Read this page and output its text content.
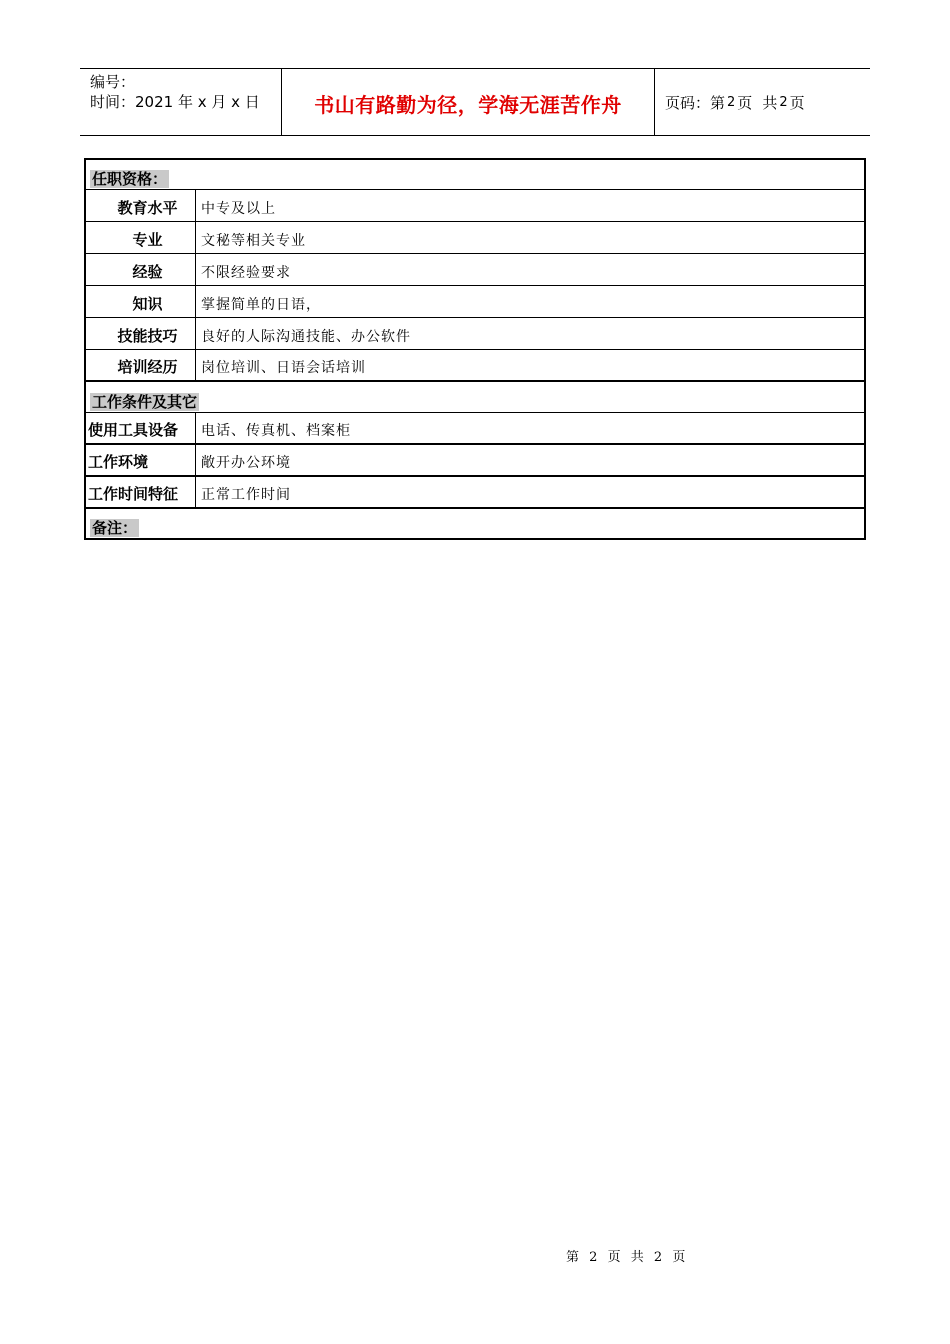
编号：
时间：2021 年 x 月 x 日	书山有路勤为径，学海无涯苦作舟	页码：第 2 页 共 2 页
任职资格：
教育水平	中专及以上
专业	文秘等相关专业
经验	不限经验要求
知识	掌握简单的日语，
技能技巧	良好的人际沟通技能、办公软件
培训经历	岗位培训、日语会话培训
工作条件及其它
使用工具设备	电话、传真机、档案柜
工作环境	敞开办公环境
工作时间特征	正常工作时间
备注：
第 2 页 共 2 页
